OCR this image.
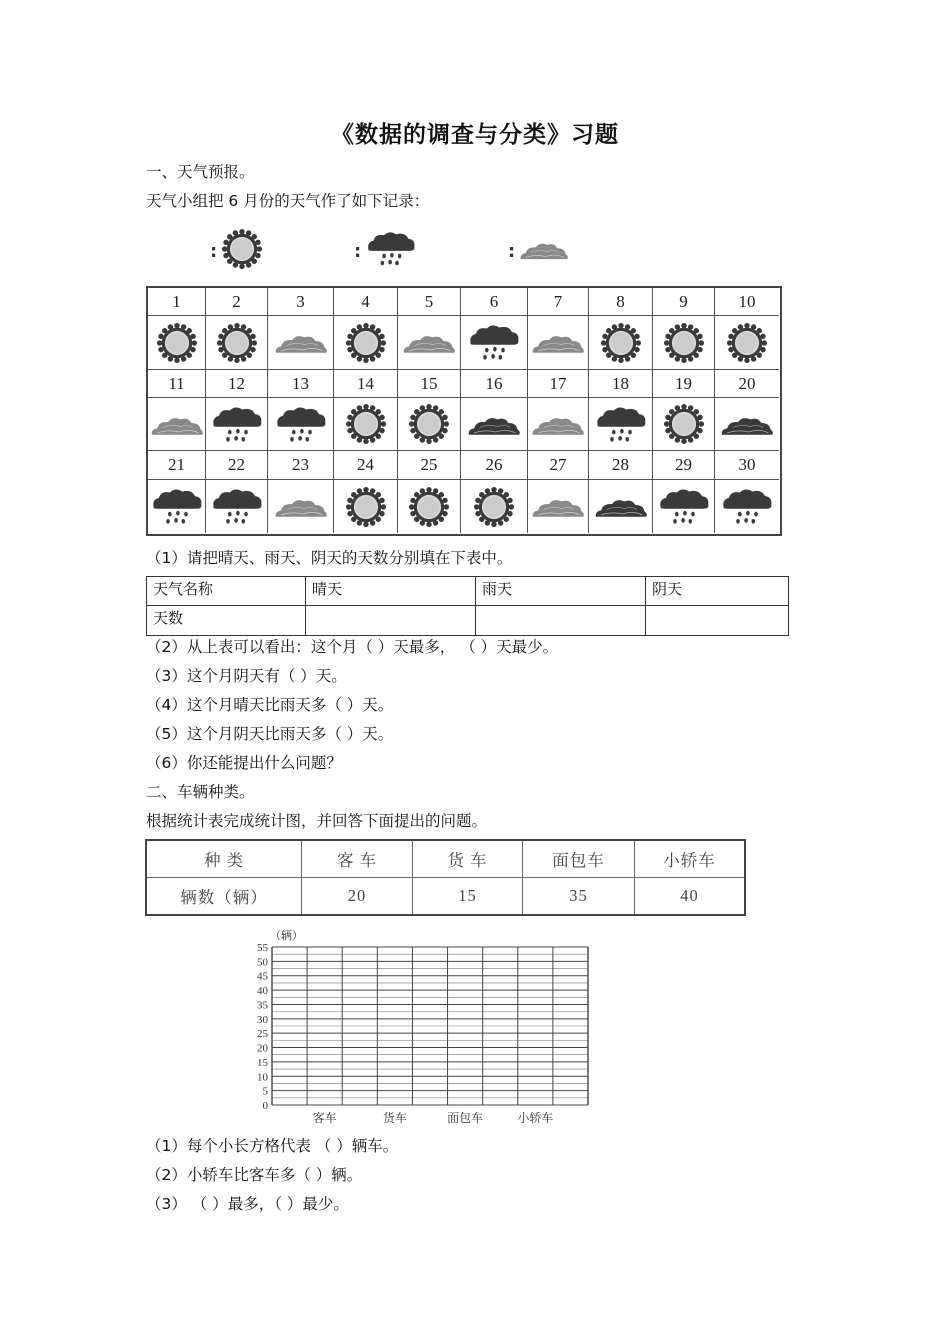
《数据的调查与分类》习题
一、天气预报。
天气小组把 6 月份的天气作了如下记录：
:	:	:
1	2	3	4	5	6	7	8	9	10
11	12	13	14	15	16	17	18	19	20
21	22	23	24	25	26	27	28	29	30
（1）请把晴天、雨天、阴天的天数分别填在下表中。
天气名称	晴天	雨天	阴天
天数
（2）从上表可以看出：这个月（ ）天最多， （ ）天最少。
（3）这个月阴天有（ ）天。
（4）这个月晴天比雨天多（ ）天。
（5）这个月阴天比雨天多（ ）天。
（6）你还能提出什么问题？
二、车辆种类。
根据统计表完成统计图，并回答下面提出的问题。
种 类	客 车	货 车	面包车	小轿车
辆数（辆）	20	15	35	40
0
5
10
15
20
25
30
35
40
45
50
55
（辆）
客车	货车	面包车	小轿车
（1）每个小长方格代表 （ ）辆车。
（2）小轿车比客车多（ ）辆。
（3） （ ）最多，（ ）最少。
